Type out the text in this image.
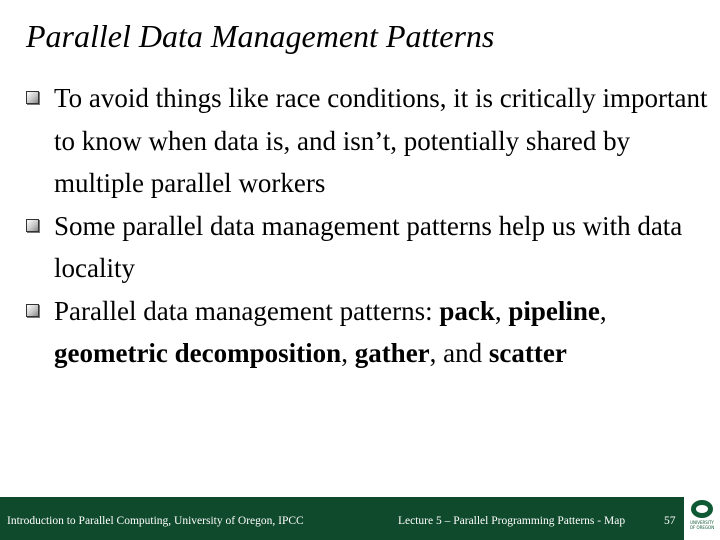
Parallel Data Management Patterns
To avoid things like race conditions, it is critically important to know when data is, and isn’t, potentially shared by multiple parallel workers
Some parallel data management patterns help us with data locality
Parallel data management patterns: pack, pipeline, geometric decomposition, gather, and scatter
Introduction to Parallel Computing, University of Oregon, IPCC	Lecture 5 – Parallel Programming Patterns - Map	57	UNIVERSITY
OF OREGON
